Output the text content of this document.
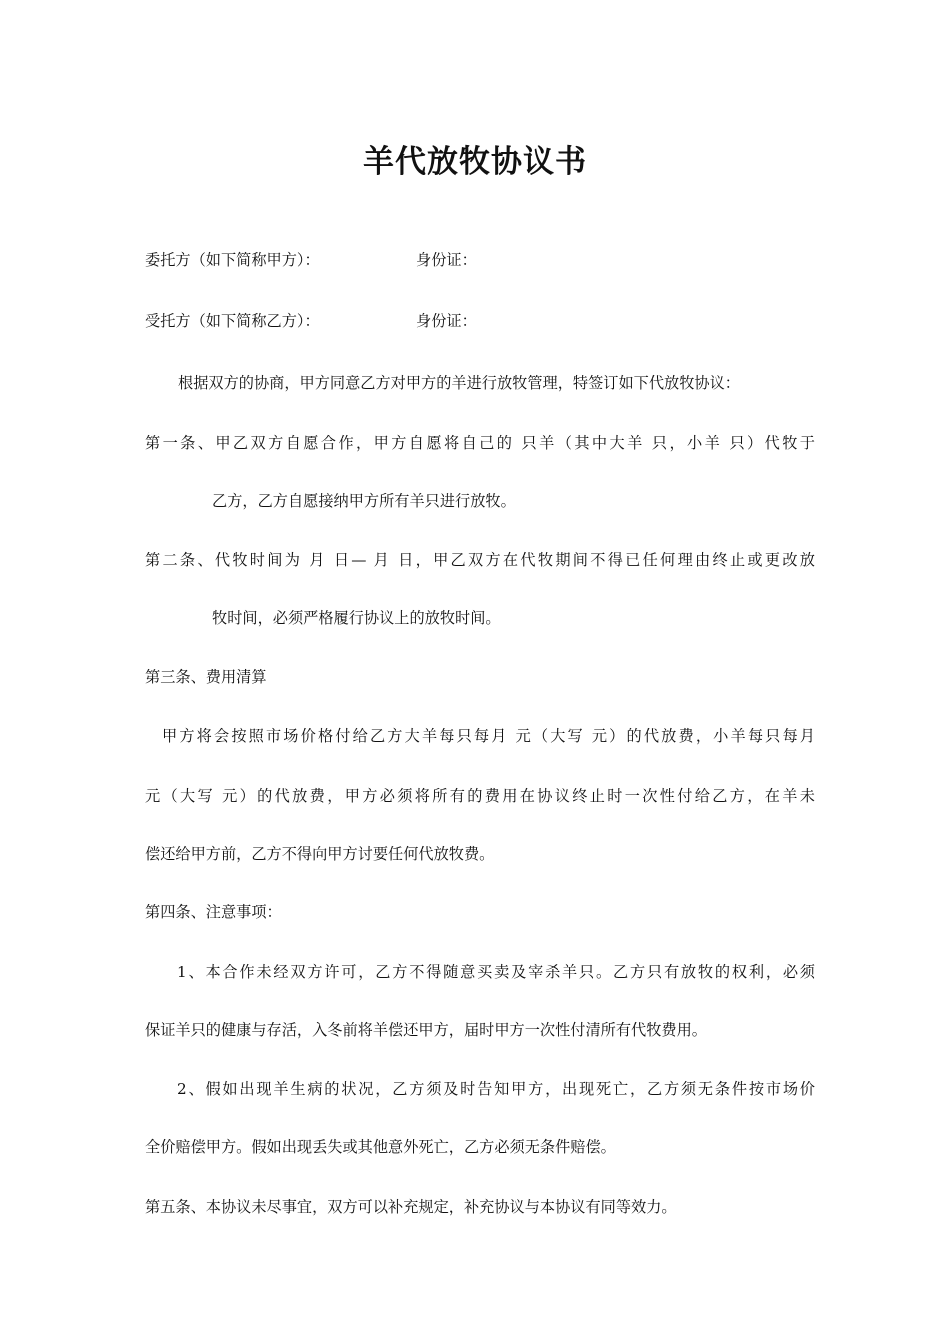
羊代放牧协议书
委托方（如下简称甲方）：	身份证：
受托方（如下简称乙方）：	身份证：
根据双方的协商，甲方同意乙方对甲方的羊进行放牧管理，特签订如下代放牧协议：
第一条、甲乙双方自愿合作，甲方自愿将自己的 只羊（其中大羊 只，小羊 只）代牧于
乙方，乙方自愿接纳甲方所有羊只进行放牧。
第二条、代牧时间为 月 日— 月 日，甲乙双方在代牧期间不得已任何理由终止或更改放
牧时间，必须严格履行协议上的放牧时间。
第三条、费用清算
甲方将会按照市场价格付给乙方大羊每只每月 元（大写 元）的代放费，小羊每只每月
元（大写 元）的代放费，甲方必须将所有的费用在协议终止时一次性付给乙方，在羊未
偿还给甲方前，乙方不得向甲方讨要任何代放牧费。
第四条、注意事项：
1、本合作未经双方许可，乙方不得随意买卖及宰杀羊只。乙方只有放牧的权利，必须
保证羊只的健康与存活，入冬前将羊偿还甲方，届时甲方一次性付清所有代牧费用。
2、假如出现羊生病的状况，乙方须及时告知甲方，出现死亡，乙方须无条件按市场价
全价赔偿甲方。假如出现丢失或其他意外死亡，乙方必须无条件赔偿。
第五条、本协议未尽事宜，双方可以补充规定，补充协议与本协议有同等效力。
